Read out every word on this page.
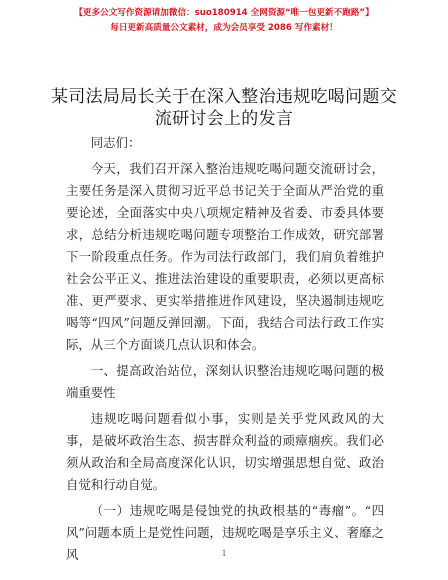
【更多公文写作资源请加微信：suo180914 全网资源“唯一包更新不跑路”】
每日更新高质量公文素材，成为会员享受 2086 写作素材！
某司法局局长关于在深入整治违规吃喝问题交
流研讨会上的发言

同志们：

今天，我们召开深入整治违规吃喝问题交流研讨会，主要任务是深入贯彻习近平总书记关于全面从严治党的重要论述，全面落实中央八项规定精神及省委、市委具体要求，总结分析违规吃喝问题专项整治工作成效，研究部署下一阶段重点任务。作为司法行政部门，我们肩负着维护社会公平正义、推进法治建设的重要职责，必须以更高标准、更严要求、更实举措推进作风建设，坚决遏制违规吃喝等“四风”问题反弹回潮。下面，我结合司法行政工作实际，从三个方面谈几点认识和体会。

一、提高政治站位，深刻认识整治违规吃喝问题的极端重要性

违规吃喝问题看似小事，实则是关乎党风政风的大事，是破坏政治生态、损害群众利益的顽瘴痼疾。我们必须从政治和全局高度深化认识，切实增强思想自觉、政治自觉和行动自觉。

（一）违规吃喝是侵蚀党的执政根基的“毒瘤”。“四风”问题本质上是党性问题，违规吃喝是享乐主义、奢靡之风	1
